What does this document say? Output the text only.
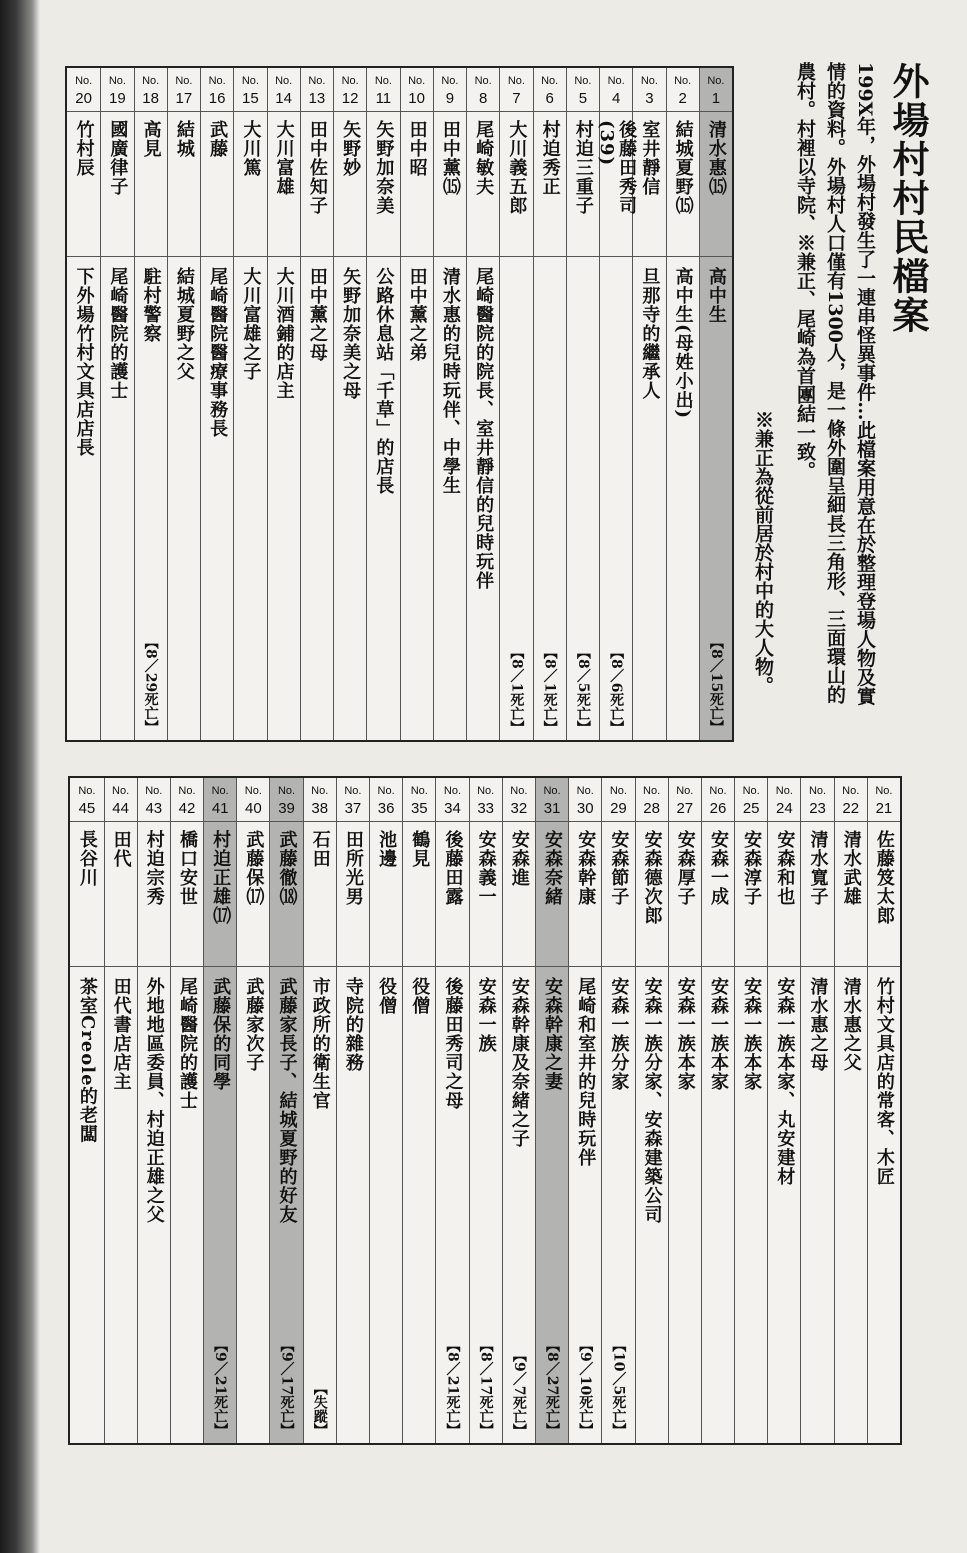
外場村村民檔案
199X年，外場村發生了一連串怪異事件…此檔案用意在於整理登場人物及實情的資料。外場村人口僅有1300人，是一條外圍呈細長三角形、三面環山的農村。村裡以寺院、※兼正、尾崎為首團結一致。
※兼正為從前居於村中的大人物。
No.
1
清水惠⒂
高中生
【8／15死亡】
No.
2
結城夏野⒂
高中生(母姓小出)
No.
3
室井靜信
旦那寺的繼承人
No.
4
後藤田秀司(39)
【8／6死亡】
No.
5
村迫三重子
【8／5死亡】
No.
6
村迫秀正
【8／1死亡】
No.
7
大川義五郎
【8／1死亡】
No.
8
尾崎敏夫
尾崎醫院的院長、室井靜信的兒時玩伴
No.
9
田中薰⒂
清水惠的兒時玩伴、中學生
No.
10
田中昭
田中薰之弟
No.
11
矢野加奈美
公路休息站「千草」的店長
No.
12
矢野妙
矢野加奈美之母
No.
13
田中佐知子
田中薰之母
No.
14
大川富雄
大川酒鋪的店主
No.
15
大川篤
大川富雄之子
No.
16
武藤
尾崎醫院醫療事務長
No.
17
結城
結城夏野之父
No.
18
高見
駐村警察
【8／29死亡】
No.
19
國廣律子
尾崎醫院的護士
No.
20
竹村辰
下外場竹村文具店店長
No.
21
佐藤笈太郎
竹村文具店的常客、木匠
No.
22
清水武雄
清水惠之父
No.
23
清水寬子
清水惠之母
No.
24
安森和也
安森一族本家、丸安建材
No.
25
安森淳子
安森一族本家
No.
26
安森一成
安森一族本家
No.
27
安森厚子
安森一族本家
No.
28
安森德次郎
安森一族分家、安森建築公司
No.
29
安森節子
安森一族分家
【10／5死亡】
No.
30
安森幹康
尾崎和室井的兒時玩伴
【9／10死亡】
No.
31
安森奈緒
安森幹康之妻
【8／27死亡】
No.
32
安森進
安森幹康及奈緒之子
【9／7死亡】
No.
33
安森義一
安森一族
【8／17死亡】
No.
34
後藤田露
後藤田秀司之母
【8／21死亡】
No.
35
鶴見
役僧
No.
36
池邊
役僧
No.
37
田所光男
寺院的雜務
No.
38
石田
市政所的衛生官
【失蹤】
No.
39
武藤徹⒅
武藤家長子、結城夏野的好友
【9／17死亡】
No.
40
武藤保⒄
武藤家次子
No.
41
村迫正雄⒄
武藤保的同學
【9／21死亡】
No.
42
橋口安世
尾崎醫院的護士
No.
43
村迫宗秀
外地地區委員、村迫正雄之父
No.
44
田代
田代書店店主
No.
45
長谷川
茶室Creole的老闆
